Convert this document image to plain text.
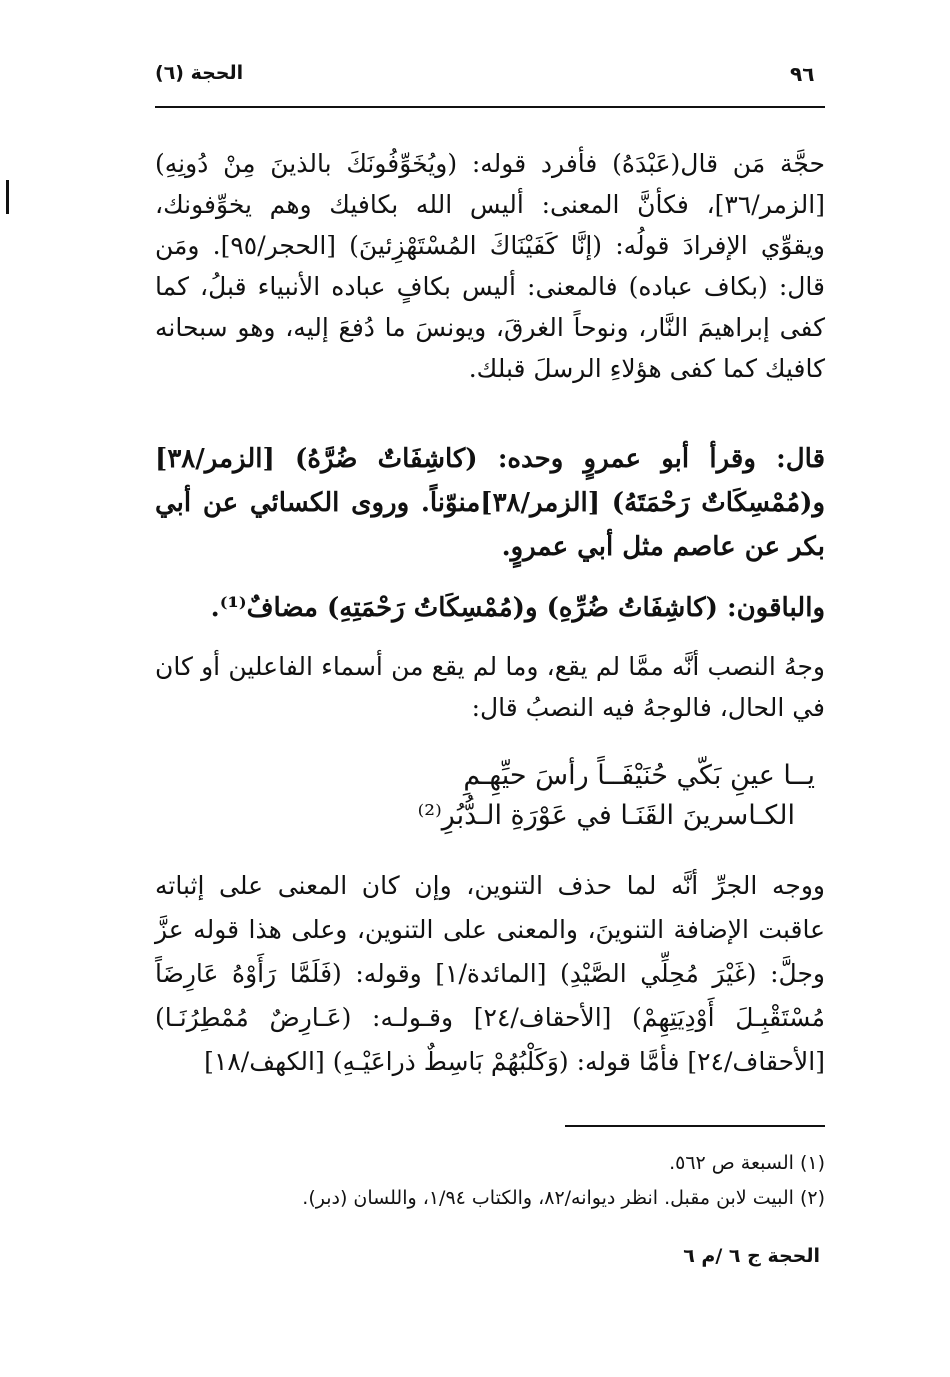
٩٦
الحجة (٦)

حجَّة مَن قال(عَبْدَهُ) فأفرد قوله: (ويُخَوِّفُونَكَ بالذينَ مِنْ دُونِهِ) [الزمر/٣٦]، فكأنَّ المعنى: أليس الله بكافيك وهم يخوِّفونك، ويقوِّي الإفرادَ قولُه: (إنَّا كَفَيْنَاكَ المُسْتَهْزِئينَ) [الحجر/٩٥]. ومَن قال: (بكاف عباده) فالمعنى: أليس بكافٍ عباده الأنبياء قبلُ، كما كفى إبراهيمَ النَّار، ونوحاً الغرقَ، ويونسَ ما دُفعَ إليه، وهو سبحانه كافيك كما كفى هؤلاءِ الرسلَ قبلك.

قال: وقرأ أبو عمروٍ وحده: (كاشِفَاتٌ ضُرَّهُ) [الزمر/٣٨] و(مُمْسِكَاتٌ رَحْمَتَهُ) [الزمر/٣٨]منوّناً. وروى الكسائي عن أبي بكر عن عاصم مثل أبي عمروٍ.

والباقون: (كاشِفَاتُ ضُرِّهِ) و(مُمْسِكَاتُ رَحْمَتِهِ) مضافٌ⁽¹⁾.

وجهُ النصب أنَّه ممَّا لم يقع، وما لم يقع من أسماء الفاعلين أو كان في الحال، فالوجهُ فيه النصبُ قال:

يــا عينِ بَكّي حُنَيْفَــاً رأسَ حيِّهِـمِ
الكـاسرينَ القَنَـا في عَوْرَةِ الـدُّبُرِ⁽²⁾

ووجه الجرِّ أنَّه لما حذف التنوين، وإن كان المعنى على إثباته عاقبت الإضافة التنوينَ، والمعنى على التنوين، وعلى هذا قوله عزَّ وجلَّ: (غَيْرَ مُحِلِّي الصَّيْدِ) [المائدة/١] وقوله: (فَلَمَّا رَأَوْهُ عَارِضَاً مُسْتَقْبِـلَ أَوْدِيَتِهِمْ) [الأحقاف/٢٤] وقـولـه: (عَـارِضٌ مُمْطِرُنَـا) [الأحقاف/٢٤] فأمَّا قوله: (وَكَلْبُهُمْ بَاسِطٌ ذراعَيْـهِ) [الكهف/١٨]

(١) السبعة ص ٥٦٢.
(٢) البيت لابن مقبل. انظر ديوانه/٨٢، والكتاب ١/٩٤، واللسان (دبر).
الحجة ج ٦ /م ٦
